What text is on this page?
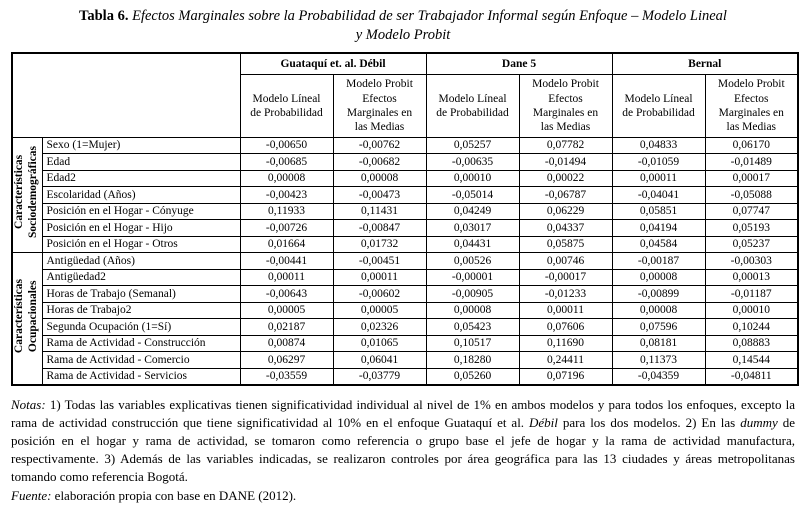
Tabla 6. Efectos Marginales sobre la Probabilidad de ser Trabajador Informal según Enfoque – Modelo Lineal
y Modelo Probit
		Guataquí et. al. Débil		Dane 5		Bernal	
		Modelo Líneal de Probabilidad	Modelo Probit Efectos Marginales en las Medias	Modelo Líneal de Probabilidad	Modelo Probit Efectos Marginales en las Medias	Modelo Líneal de Probabilidad	Modelo Probit Efectos Marginales en las Medias
Características Sociodemográficas	Sexo (1=Mujer)	-0,00650	-0,00762	0,05257	0,07782	0,04833	0,06170
	Edad	-0,00685	-0,00682	-0,00635	-0,01494	-0,01059	-0,01489
	Edad2	0,00008	0,00008	0,00010	0,00022	0,00011	0,00017
	Escolaridad (Años)	-0,00423	-0,00473	-0,05014	-0,06787	-0,04041	-0,05088
	Posición en el Hogar - Cónyuge	0,11933	0,11431	0,04249	0,06229	0,05851	0,07747
	Posición en el Hogar - Hijo	-0,00726	-0,00847	0,03017	0,04337	0,04194	0,05193
	Posición en el Hogar - Otros	0,01664	0,01732	0,04431	0,05875	0,04584	0,05237
Características Ocupacionales	Antigüedad (Años)	-0,00441	-0,00451	0,00526	0,00746	-0,00187	-0,00303
	Antigüedad2	0,00011	0,00011	-0,00001	-0,00017	0,00008	0,00013
	Horas de Trabajo (Semanal)	-0,00643	-0,00602	-0,00905	-0,01233	-0,00899	-0,01187
	Horas de Trabajo2	0,00005	0,00005	0,00008	0,00011	0,00008	0,00010
	Segunda Ocupación (1=Sí)	0,02187	0,02326	0,05423	0,07606	0,07596	0,10244
	Rama de Actividad - Construcción	0,00874	0,01065	0,10517	0,11690	0,08181	0,08883
	Rama de Actividad - Comercio	0,06297	0,06041	0,18280	0,24411	0,11373	0,14544
	Rama de Actividad - Servicios	-0,03559	-0,03779	0,05260	0,07196	-0,04359	-0,04811
Notas: 1) Todas las variables explicativas tienen significatividad individual al nivel de 1% en ambos modelos y para todos los enfoques, excepto la rama de actividad construcción que tiene significatividad al 10% en el enfoque Guataquí et al. Débil para los dos modelos. 2) En las dummy de posición en el hogar y rama de actividad, se tomaron como referencia o grupo base el jefe de hogar y la rama de actividad manufactura, respectivamente. 3) Además de las variables indicadas, se realizaron controles por área geográfica para las 13 ciudades y áreas metropolitanas tomando como referencia Bogotá.
Fuente: elaboración propia con base en DANE (2012).
